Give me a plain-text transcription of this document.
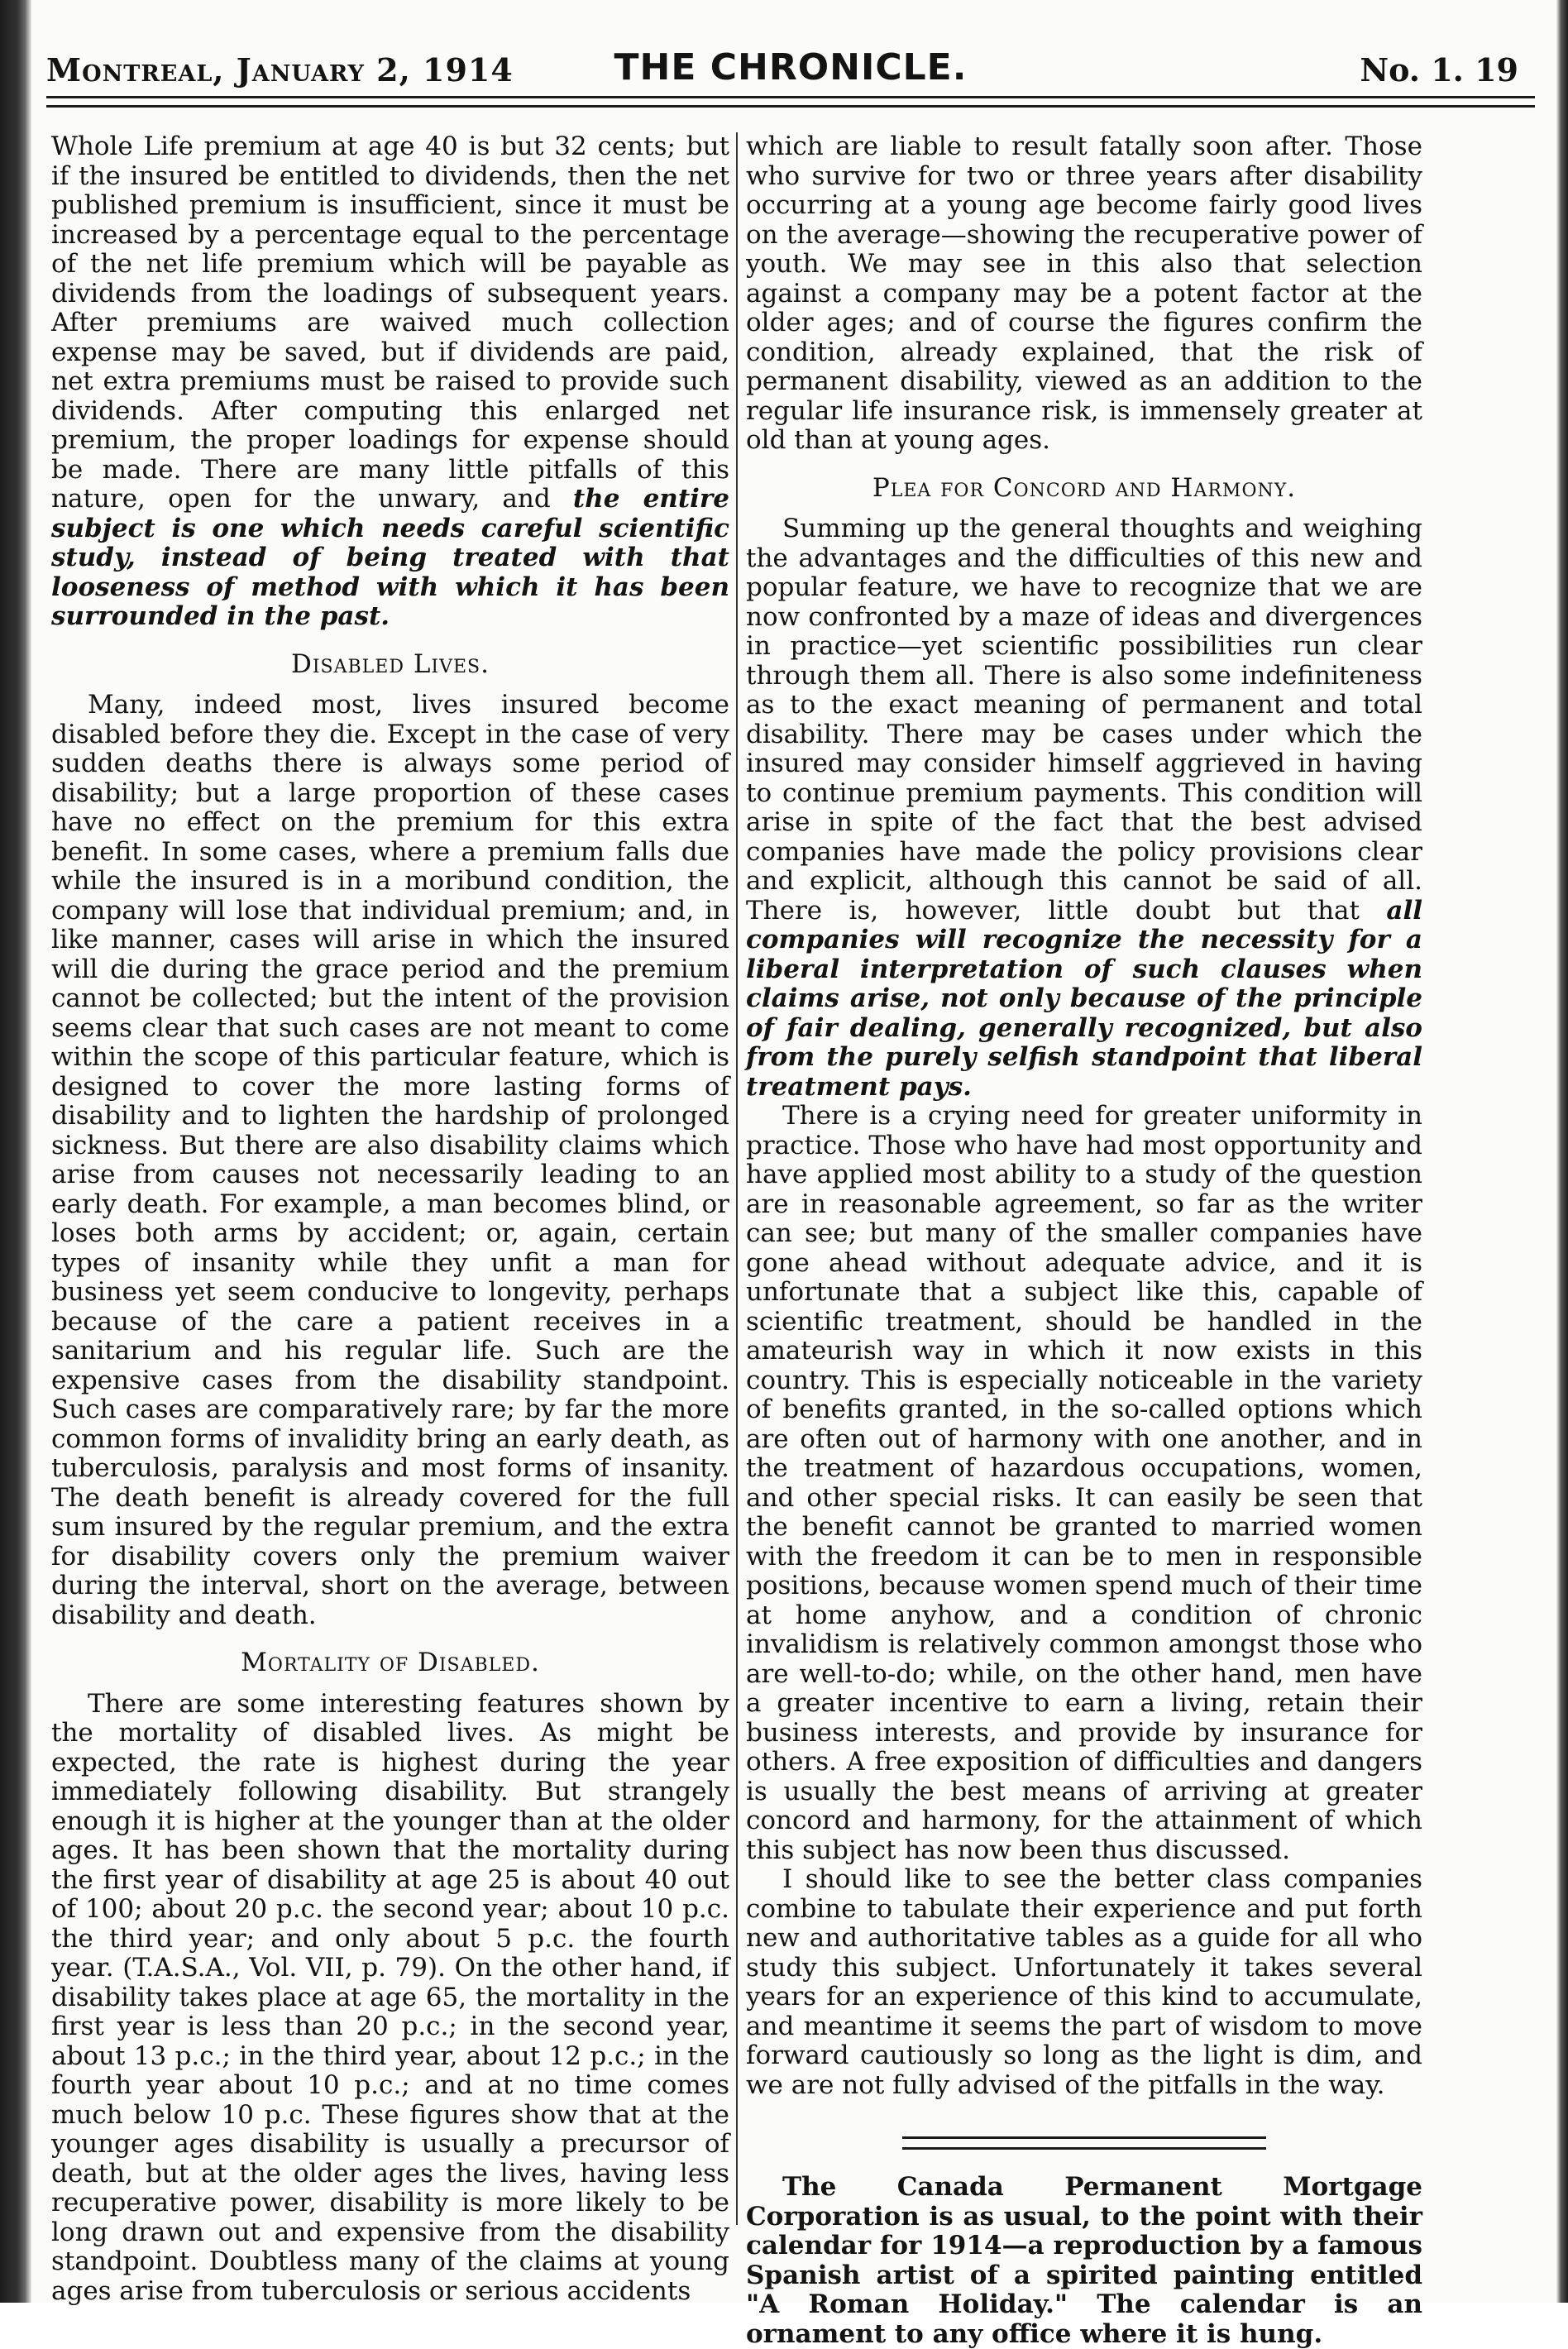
Montreal, January 2, 1914	THE CHRONICLE.	No. 1. 19

Whole Life premium at age 40 is but 32 cents; but if the insured be entitled to dividends, then the net published premium is insufficient, since it must be increased by a percentage equal to the percentage of the net life premium which will be payable as dividends from the loadings of subsequent years. After premiums are waived much collection expense may be saved, but if dividends are paid, net extra premiums must be raised to provide such dividends. After computing this enlarged net premium, the proper loadings for expense should be made. There are many little pitfalls of this nature, open for the unwary, and the entire subject is one which needs careful scientific study, instead of being treated with that looseness of method with which it has been surrounded in the past.

Disabled Lives.

Many, indeed most, lives insured become disabled before they die. Except in the case of very sudden deaths there is always some period of disability; but a large proportion of these cases have no effect on the premium for this extra benefit. In some cases, where a premium falls due while the insured is in a moribund condition, the company will lose that individual premium; and, in like manner, cases will arise in which the insured will die during the grace period and the premium cannot be collected; but the intent of the provision seems clear that such cases are not meant to come within the scope of this particular feature, which is designed to cover the more lasting forms of disability and to lighten the hardship of prolonged sickness. But there are also disability claims which arise from causes not necessarily leading to an early death. For example, a man becomes blind, or loses both arms by accident; or, again, certain types of insanity while they unfit a man for business yet seem conducive to longevity, perhaps because of the care a patient receives in a sanitarium and his regular life. Such are the expensive cases from the disability standpoint. Such cases are comparatively rare; by far the more common forms of invalidity bring an early death, as tuberculosis, paralysis and most forms of insanity. The death benefit is already covered for the full sum insured by the regular premium, and the extra for disability covers only the premium waiver during the interval, short on the average, between disability and death.

Mortality of Disabled.

There are some interesting features shown by the mortality of disabled lives. As might be expected, the rate is highest during the year immediately following disability. But strangely enough it is higher at the younger than at the older ages. It has been shown that the mortality during the first year of disability at age 25 is about 40 out of 100; about 20 p.c. the second year; about 10 p.c. the third year; and only about 5 p.c. the fourth year. (T.A.S.A., Vol. VII, p. 79). On the other hand, if disability takes place at age 65, the mortality in the first year is less than 20 p.c.; in the second year, about 13 p.c.; in the third year, about 12 p.c.; in the fourth year about 10 p.c.; and at no time comes much below 10 p.c. These figures show that at the younger ages disability is usually a precursor of death, but at the older ages the lives, having less recuperative power, disability is more likely to be long drawn out and expensive from the disability standpoint. Doubtless many of the claims at young ages arise from tuberculosis or serious accidents

which are liable to result fatally soon after. Those who survive for two or three years after disability occurring at a young age become fairly good lives on the average—showing the recuperative power of youth. We may see in this also that selection against a company may be a potent factor at the older ages; and of course the figures confirm the condition, already explained, that the risk of permanent disability, viewed as an addition to the regular life insurance risk, is immensely greater at old than at young ages.

Plea for Concord and Harmony.

Summing up the general thoughts and weighing the advantages and the difficulties of this new and popular feature, we have to recognize that we are now confronted by a maze of ideas and divergences in practice—yet scientific possibilities run clear through them all. There is also some indefiniteness as to the exact meaning of permanent and total disability. There may be cases under which the insured may consider himself aggrieved in having to continue premium payments. This condition will arise in spite of the fact that the best advised companies have made the policy provisions clear and explicit, although this cannot be said of all. There is, however, little doubt but that all companies will recognize the necessity for a liberal interpretation of such clauses when claims arise, not only because of the principle of fair dealing, generally recognized, but also from the purely selfish standpoint that liberal treatment pays.

There is a crying need for greater uniformity in practice. Those who have had most opportunity and have applied most ability to a study of the question are in reasonable agreement, so far as the writer can see; but many of the smaller companies have gone ahead without adequate advice, and it is unfortunate that a subject like this, capable of scientific treatment, should be handled in the amateurish way in which it now exists in this country. This is especially noticeable in the variety of benefits granted, in the so-called options which are often out of harmony with one another, and in the treatment of hazardous occupations, women, and other special risks. It can easily be seen that the benefit cannot be granted to married women with the freedom it can be to men in responsible positions, because women spend much of their time at home anyhow, and a condition of chronic invalidism is relatively common amongst those who are well-to-do; while, on the other hand, men have a greater incentive to earn a living, retain their business interests, and provide by insurance for others. A free exposition of difficulties and dangers is usually the best means of arriving at greater concord and harmony, for the attainment of which this subject has now been thus discussed.

I should like to see the better class companies combine to tabulate their experience and put forth new and authoritative tables as a guide for all who study this subject. Unfortunately it takes several years for an experience of this kind to accumulate, and meantime it seems the part of wisdom to move forward cautiously so long as the light is dim, and we are not fully advised of the pitfalls in the way.

The Canada Permanent Mortgage Corporation is as usual, to the point with their calendar for 1914—a reproduction by a famous Spanish artist of a spirited painting entitled "A Roman Holiday." The calendar is an ornament to any office where it is hung.
